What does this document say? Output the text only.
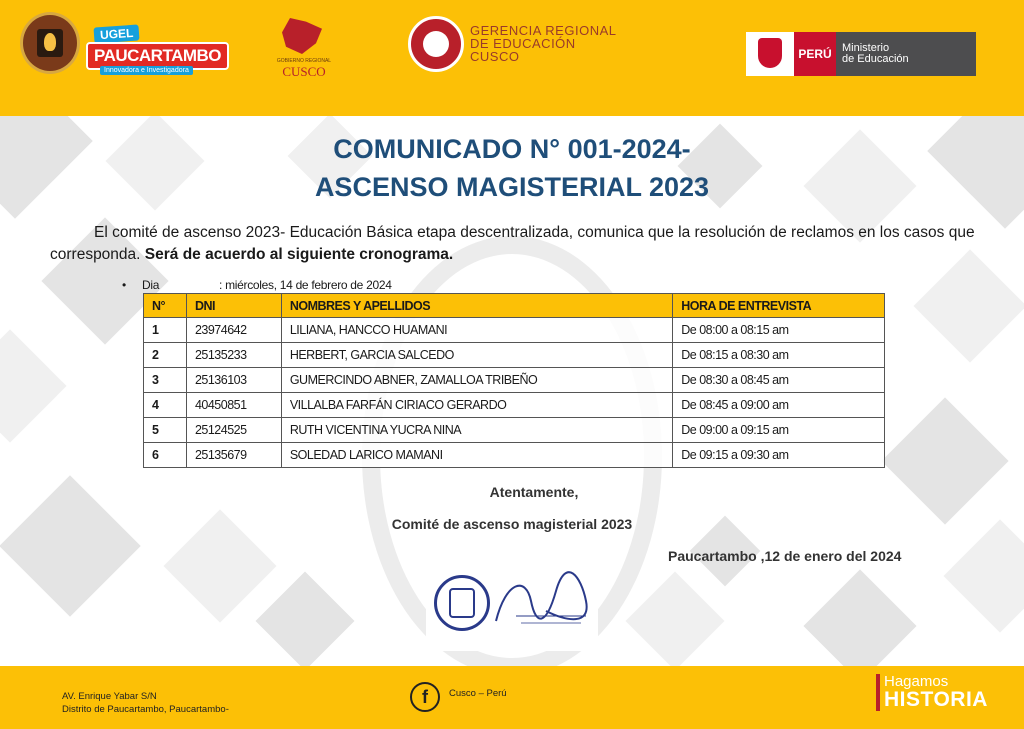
UGEL
PAUCARTAMBO
Innovadora e Investigadora
GOBIERNO REGIONAL
CUSCO
GERENCIA REGIONAL
DE EDUCACIÓN
CUSCO	PERÚ Ministerio
de Educación
COMUNICADO N° 001-2024-
ASCENSO MAGISTERIAL 2023
El comité de ascenso 2023- Educación Básica etapa descentralizada, comunica que la resolución de reclamos en los casos que corresponda. Será de acuerdo al siguiente cronograma.
• Dia	: miércoles, 14 de febrero de 2024
N°	DNI	NOMBRES Y APELLIDOS	HORA DE ENTREVISTA
1	23974642	LILIANA, HANCCO HUAMANI	De 08:00 a 08:15 am
2	25135233	HERBERT, GARCIA SALCEDO	De 08:15 a 08:30 am
3	25136103	GUMERCINDO ABNER, ZAMALLOA TRIBEÑO	De 08:30 a 08:45 am
4	40450851	VILLALBA FARFÁN CIRIACO GERARDO	De 08:45 a 09:00 am
5	25124525	RUTH VICENTINA YUCRA NINA	De 09:00 a 09:15 am
6	25135679	SOLEDAD LARICO MAMANI	De 09:15 a 09:30 am
Atentamente,
Comité de ascenso magisterial 2023
Paucartambo ,12 de enero del 2024
AV. Enrique Yabar S/N
Distrito de Paucartambo, Paucartambo-
f	Cusco – Perú
Hagamos
HISTORIA
